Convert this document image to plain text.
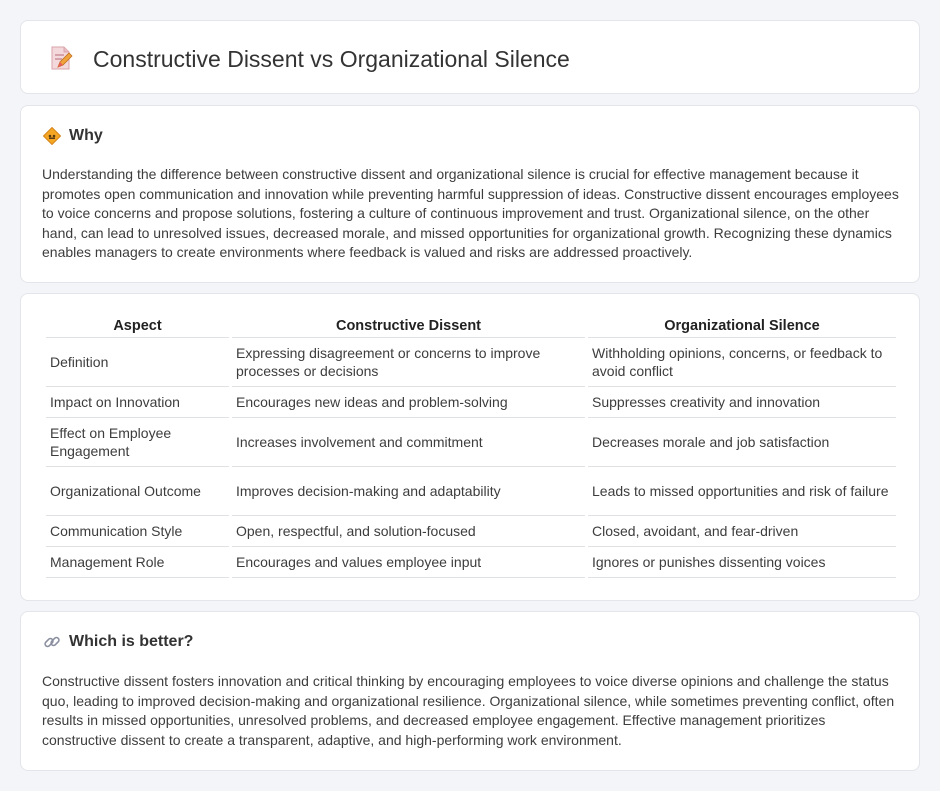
Constructive Dissent vs Organizational Silence
Why

Understanding the difference between constructive dissent and organizational silence is crucial for effective management because it promotes open communication and innovation while preventing harmful suppression of ideas. Constructive dissent encourages employees to voice concerns and propose solutions, fostering a culture of continuous improvement and trust. Organizational silence, on the other hand, can lead to unresolved issues, decreased morale, and missed opportunities for organizational growth. Recognizing these dynamics enables managers to create environments where feedback is valued and risks are addressed proactively.

Aspect	Constructive Dissent	Organizational Silence
Definition	Expressing disagreement or concerns to improve processes or decisions	Withholding opinions, concerns, or feedback to avoid conflict
Impact on Innovation	Encourages new ideas and problem-solving	Suppresses creativity and innovation
Effect on Employee Engagement	Increases involvement and commitment	Decreases morale and job satisfaction
Organizational Outcome	Improves decision-making and adaptability	Leads to missed opportunities and risk of failure
Communication Style	Open, respectful, and solution-focused	Closed, avoidant, and fear-driven
Management Role	Encourages and values employee input	Ignores or punishes dissenting voices
Which is better?

Constructive dissent fosters innovation and critical thinking by encouraging employees to voice diverse opinions and challenge the status quo, leading to improved decision-making and organizational resilience. Organizational silence, while sometimes preventing conflict, often results in missed opportunities, unresolved problems, and decreased employee engagement. Effective management prioritizes constructive dissent to create a transparent, adaptive, and high-performing work environment.
